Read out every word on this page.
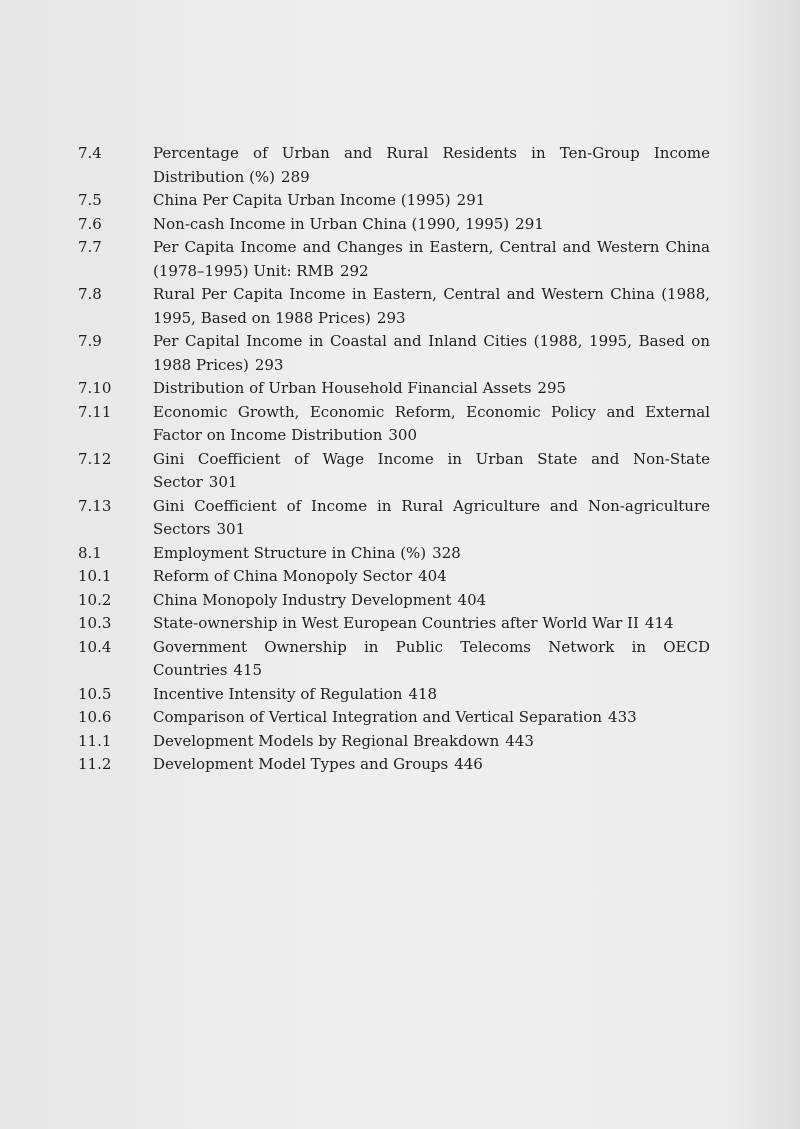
7.4	Percentage of Urban and Rural Residents in Ten-Group Income Distribution (%) 289
7.5	China Per Capita Urban Income (1995) 291
7.6	Non-cash Income in Urban China (1990, 1995) 291
7.7	Per Capita Income and Changes in Eastern, Central and Western China (1978–1995) Unit: RMB 292
7.8	Rural Per Capita Income in Eastern, Central and Western China (1988, 1995, Based on 1988 Prices) 293
7.9	Per Capital Income in Coastal and Inland Cities (1988, 1995, Based on 1988 Prices) 293
7.10	Distribution of Urban Household Financial Assets 295
7.11	Economic Growth, Economic Reform, Economic Policy and External Factor on Income Distribution 300
7.12	Gini Coefficient of Wage Income in Urban State and Non-State Sector 301
7.13	Gini Coefficient of Income in Rural Agriculture and Non-agriculture Sectors 301
8.1	Employment Structure in China (%) 328
10.1	Reform of China Monopoly Sector 404
10.2	China Monopoly Industry Development 404
10.3	State-ownership in West European Countries after World War II 414
10.4	Government Ownership in Public Telecoms Network in OECD Countries 415
10.5	Incentive Intensity of Regulation 418
10.6	Comparison of Vertical Integration and Vertical Separation 433
11.1	Development Models by Regional Breakdown 443
11.2	Development Model Types and Groups 446
